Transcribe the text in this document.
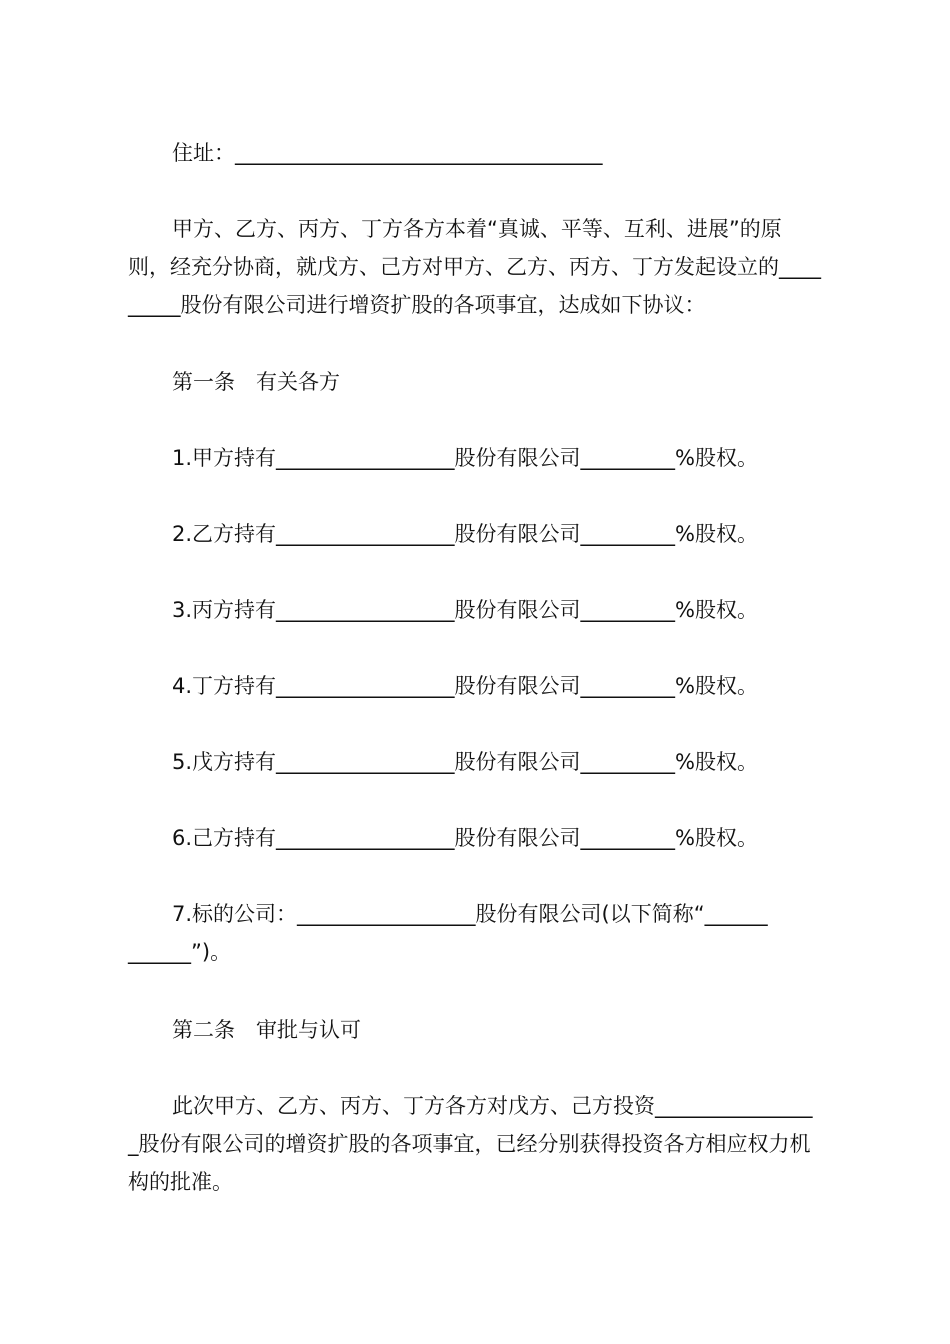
住址：___________________________________
甲方、乙方、丙方、丁方各方本着“真诚、平等、互利、进展”的原则，经充分协商，就戊方、己方对甲方、乙方、丙方、丁方发起设立的_________股份有限公司进行增资扩股的各项事宜，达成如下协议：
第一条　有关各方
1.甲方持有_________________股份有限公司_________%股权。
2.乙方持有_________________股份有限公司_________%股权。
3.丙方持有_________________股份有限公司_________%股权。
4.丁方持有_________________股份有限公司_________%股权。
5.戊方持有_________________股份有限公司_________%股权。
6.己方持有_________________股份有限公司_________%股权。
7.标的公司：_________________股份有限公司(以下简称“______
______”)。
第二条　审批与认可
此次甲方、乙方、丙方、丁方各方对戊方、己方投资________________股份有限公司的增资扩股的各项事宜，已经分别获得投资各方相应权力机构的批准。
